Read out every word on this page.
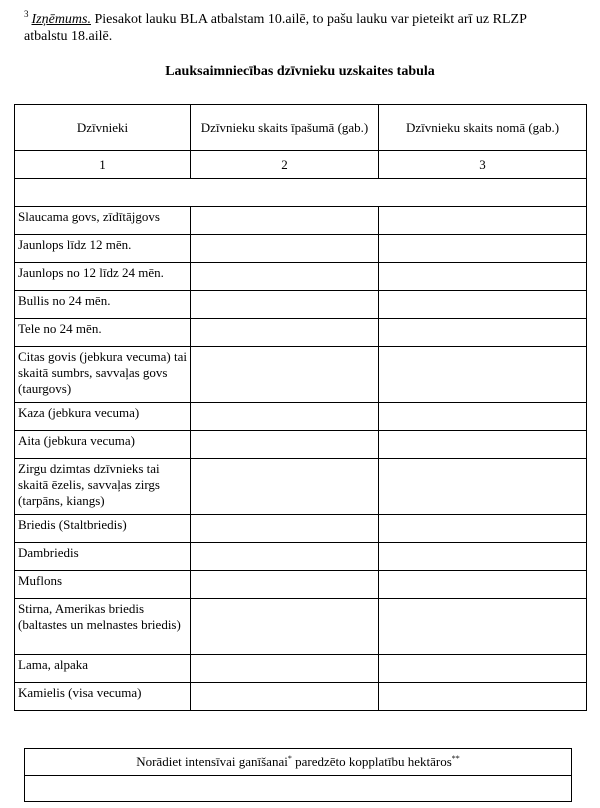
$^3$ Izņēmums. Piesakot lauku BLA atbalstam 10.ailē, to pašu lauku var pieteikt arī uz RLZP atbalstu 18.ailē.
Lauksaimniecības dzīvnieku uzskaites tabula
Dzīvnieki	Dzīvnieku skaits īpašumā (gab.)	Dzīvnieku skaits nomā (gab.)
1	2	3

Slaucama govs, zīdītājgovs		
Jaunlops līdz 12 mēn.		
Jaunlops no 12 līdz 24 mēn.		
Bullis no 24 mēn.		
Tele no 24 mēn.		
Citas govis (jebkura vecuma) tai skaitā sumbrs, savvaļas govs (taurgovs)		
Kaza (jebkura vecuma)		
Aita (jebkura vecuma)		
Zirgu dzimtas dzīvnieks tai skaitā ēzelis, savvaļas zirgs (tarpāns, kiangs)		
Briedis (Staltbriedis)		
Dambriedis		
Muflons		
Stirna, Amerikas briedis (baltastes un melnastes briedis)		
Lama, alpaka		
Kamielis (visa vecuma)		
Norādiet intensīvai ganīšanai* paredzēto kopplatību hektāros**
